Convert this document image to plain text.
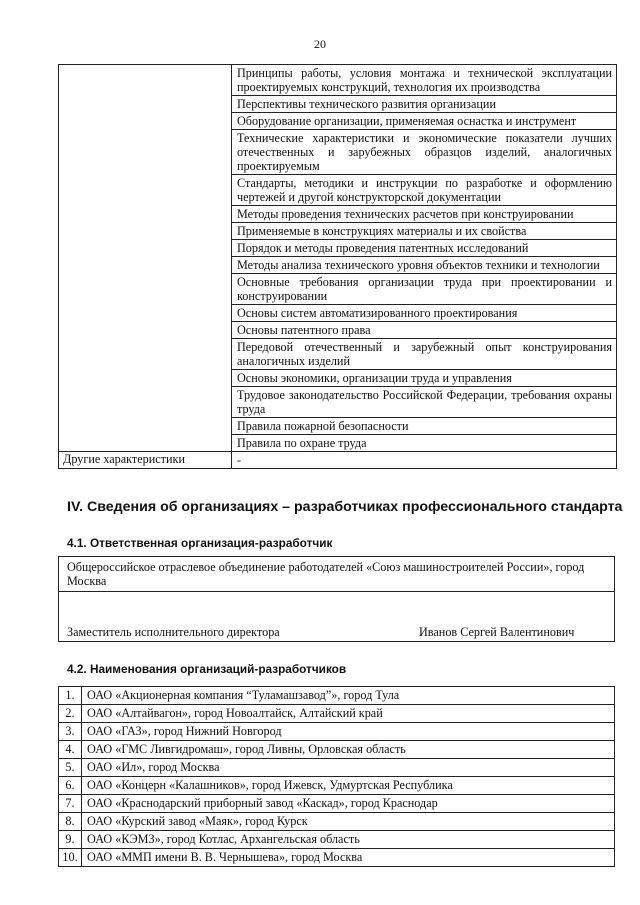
20
	Принципы работы, условия монтажа и технической эксплуатации проектируемых конструкций, технология их производства
	Перспективы технического развития организации
	Оборудование организации, применяемая оснастка и инструмент
	Технические характеристики и экономические показатели лучших отечественных и зарубежных образцов изделий, аналогичных проектируемым
	Стандарты, методики и инструкции по разработке и оформлению чертежей и другой конструкторской документации
	Методы проведения технических расчетов при конструировании
	Применяемые в конструкциях материалы и их свойства
	Порядок и методы проведения патентных исследований
	Методы анализа технического уровня объектов техники и технологии
	Основные требования организации труда при проектировании и конструировании
	Основы систем автоматизированного проектирования
	Основы патентного права
	Передовой отечественный и зарубежный опыт конструирования аналогичных изделий
	Основы экономики, организации труда и управления
	Трудовое законодательство Российской Федерации, требования охраны труда
	Правила пожарной безопасности
	Правила по охране труда
Другие характеристики	-
IV. Сведения об организациях – разработчиках профессионального стандарта
4.1. Ответственная организация-разработчик
Общероссийское отраслевое объединение работодателей «Союз машиностроителей России», город Москва
Заместитель исполнительного директора	Иванов Сергей Валентинович
4.2. Наименования организаций-разработчиков
1.	ОАО «Акционерная компания “Туламашзавод”», город Тула
2.	ОАО «Алтайвагон», город Новоалтайск, Алтайский край
3.	ОАО «ГАЗ», город Нижний Новгород
4.	ОАО «ГМС Ливгидромаш», город Ливны, Орловская область
5.	ОАО «Ил», город Москва
6.	ОАО «Концерн «Калашников», город Ижевск, Удмуртская Республика
7.	ОАО «Краснодарский приборный завод «Каскад», город Краснодар
8.	ОАО «Курский завод «Маяк», город Курск
9.	ОАО «КЭМЗ», город Котлас, Архангельская область
10.	ОАО «ММП имени В. В. Чернышева», город Москва
